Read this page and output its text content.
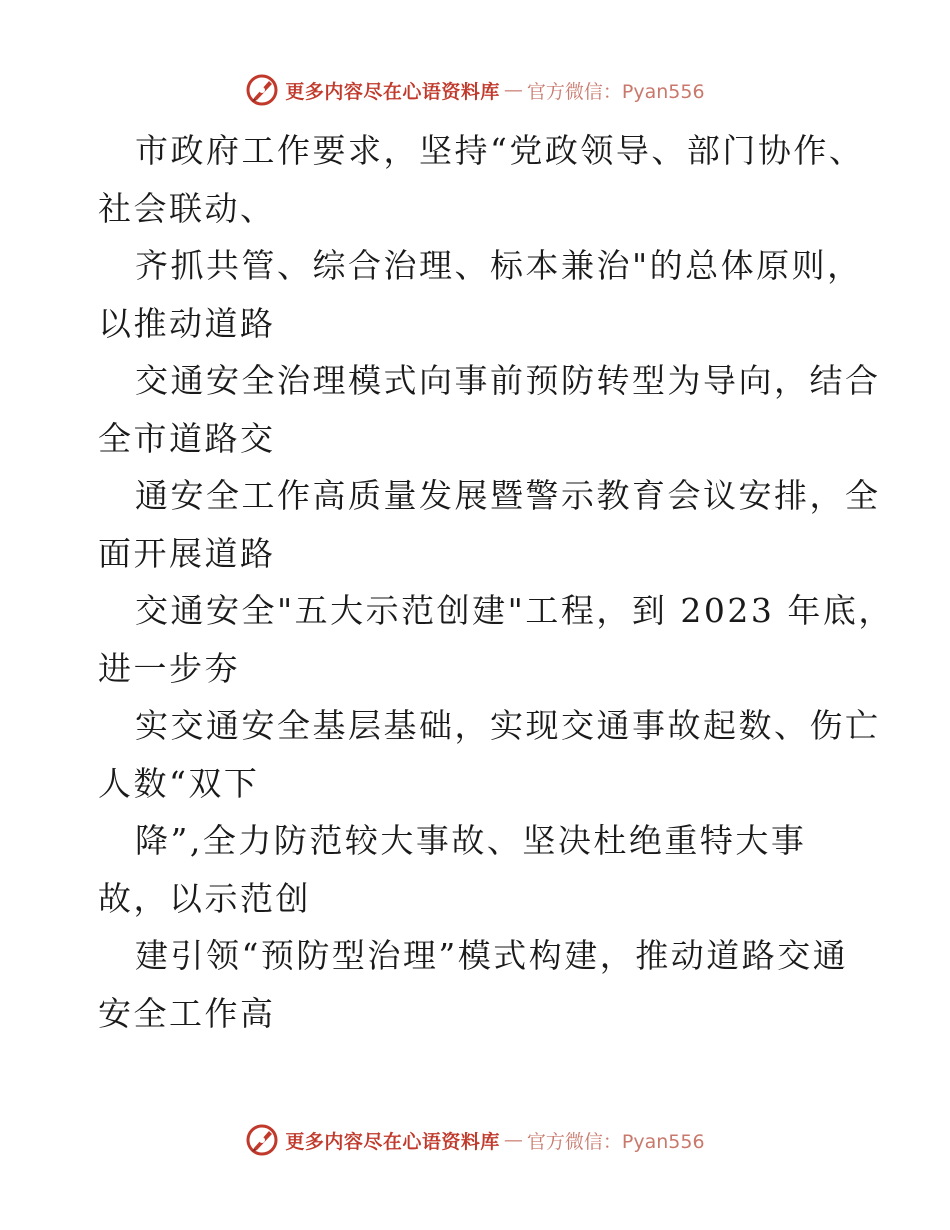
更多内容尽在心语资料库 — 官方微信：Pyan556
市政府工作要求，坚持“党政领导、部门协作、
社会联动、
齐抓共管、综合治理、标本兼治"的总体原则，
以推动道路
交通安全治理模式向事前预防转型为导向，结合
全市道路交
通安全工作高质量发展暨警示教育会议安排，全
面开展道路
交通安全"五大示范创建"工程，到 2023 年底，
进一步夯
实交通安全基层基础，实现交通事故起数、伤亡
人数“双下
降”,全力防范较大事故、坚决杜绝重特大事
故，以示范创
建引领“预防型治理”模式构建，推动道路交通
安全工作高
更多内容尽在心语资料库 — 官方微信：Pyan556
